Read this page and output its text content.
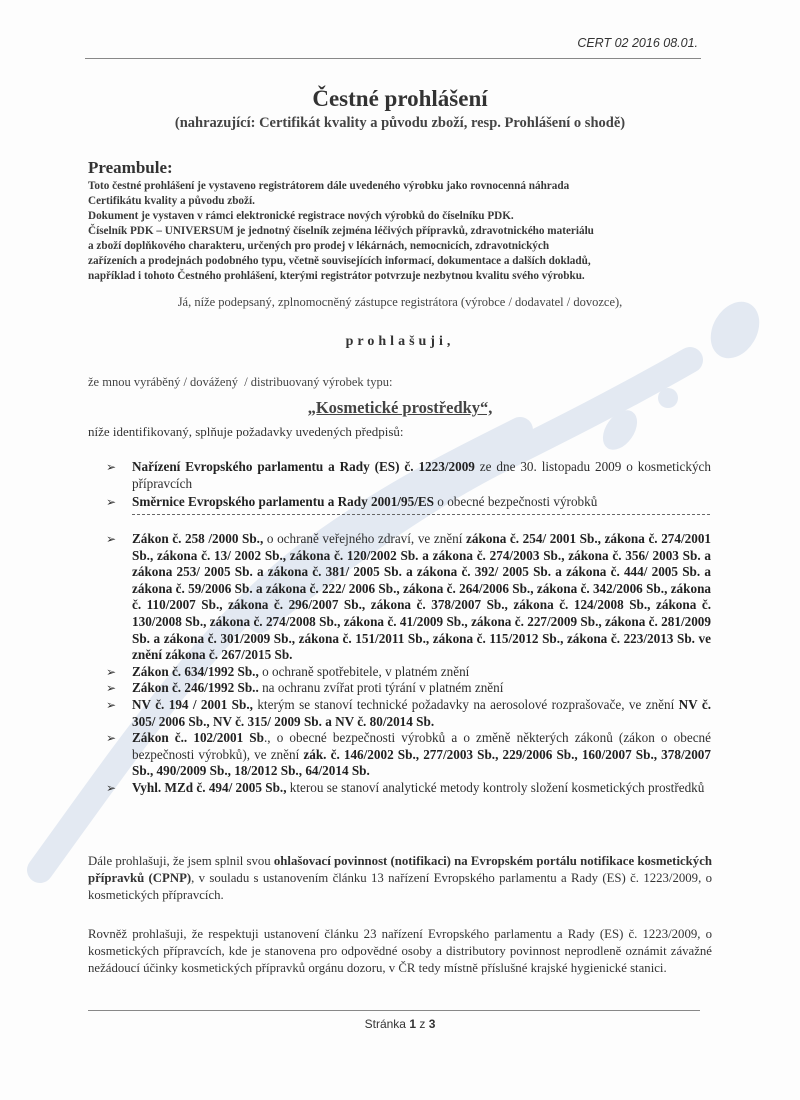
CERT 02 2016 08.01.
Čestné prohlášení
(nahrazující: Certifikát kvality a původu zboží, resp. Prohlášení o shodě)
Preambule:
Toto čestné prohlášení je vystaveno registrátorem dále uvedeného výrobku jako rovnocenná náhrada
Certifikátu kvality a původu zboží.
Dokument je vystaven v rámci elektronické registrace nových výrobků do číselníku PDK.
Číselník PDK – UNIVERSUM je jednotný číselník zejména léčivých přípravků, zdravotnického materiálu
a zboží doplňkového charakteru, určených pro prodej v lékárnách, nemocnicích, zdravotnických
zařízeních a prodejnách podobného typu, včetně souvisejících informací, dokumentace a dalších dokladů,
například i tohoto Čestného prohlášení, kterými registrátor potvrzuje nezbytnou kvalitu svého výrobku.
Já, níže podepsaný, zplnomocněný zástupce registrátora (výrobce / dodavatel / dovozce),
prohlašuji,
že mnou vyráběný / dovážený  / distribuovaný výrobek typu:
„Kosmetické prostředky“,
níže identifikovaný, splňuje požadavky uvedených předpisů:
➢ Nařízení Evropského parlamentu a Rady (ES) č. 1223/2009 ze dne 30. listopadu 2009 o kosmetických přípravcích
➢ Směrnice Evropského parlamentu a Rady 2001/95/ES o obecné bezpečnosti výrobků
➢ Zákon č. 258 /2000 Sb., o ochraně veřejného zdraví, ve znění zákona č. 254/ 2001 Sb., zákona č. 274/2001 Sb., zákona č. 13/ 2002 Sb., zákona č. 120/2002 Sb. a zákona č. 274/2003 Sb., zákona č. 356/ 2003 Sb. a zákona 253/ 2005 Sb. a zákona č. 381/ 2005 Sb. a zákona č. 392/ 2005 Sb. a zákona č. 444/ 2005 Sb. a zákona č. 59/2006 Sb. a zákona č. 222/ 2006 Sb., zákona č. 264/2006 Sb., zákona č. 342/2006 Sb., zákona č. 110/2007 Sb., zákona č. 296/2007 Sb., zákona č. 378/2007 Sb., zákona č. 124/2008 Sb., zákona č. 130/2008 Sb., zákona č. 274/2008 Sb., zákona č. 41/2009 Sb., zákona č. 227/2009 Sb., zákona č. 281/2009 Sb. a zákona č. 301/2009 Sb., zákona č. 151/2011 Sb., zákona č. 115/2012 Sb., zákona č. 223/2013 Sb. ve znění zákona č. 267/2015 Sb.
➢ Zákon č. 634/1992 Sb., o ochraně spotřebitele, v platném znění
➢ Zákon č. 246/1992 Sb.. na ochranu zvířat proti týrání v platném znění
➢ NV č. 194 / 2001 Sb., kterým se stanoví technické požadavky na aerosolové rozprašovače, ve znění NV č. 305/ 2006 Sb., NV č. 315/ 2009 Sb. a NV č. 80/2014 Sb.
➢ Zákon č.. 102/2001 Sb., o obecné bezpečnosti výrobků a o změně některých zákonů (zákon o obecné bezpečnosti výrobků), ve znění zák. č. 146/2002 Sb., 277/2003 Sb., 229/2006 Sb., 160/2007 Sb., 378/2007 Sb., 490/2009 Sb., 18/2012 Sb., 64/2014 Sb.
➢ Vyhl. MZd č. 494/ 2005 Sb., kterou se stanoví analytické metody kontroly složení kosmetických prostředků
Dále prohlašuji, že jsem splnil svou ohlašovací povinnost (notifikaci) na Evropském portálu notifikace kosmetických přípravků (CPNP), v souladu s ustanovením článku 13 nařízení Evropského parlamentu a Rady (ES) č. 1223/2009, o kosmetických přípravcích.
Rovněž prohlašuji, že respektuji ustanovení článku 23 nařízení Evropského parlamentu a Rady (ES) č. 1223/2009, o kosmetických přípravcích, kde je stanovena pro odpovědné osoby a distributory povinnost neprodleně oznámit závažné nežádoucí účinky kosmetických přípravků orgánu dozoru, v ČR tedy místně příslušné krajské hygienické stanici.
Stránka 1 z 3
